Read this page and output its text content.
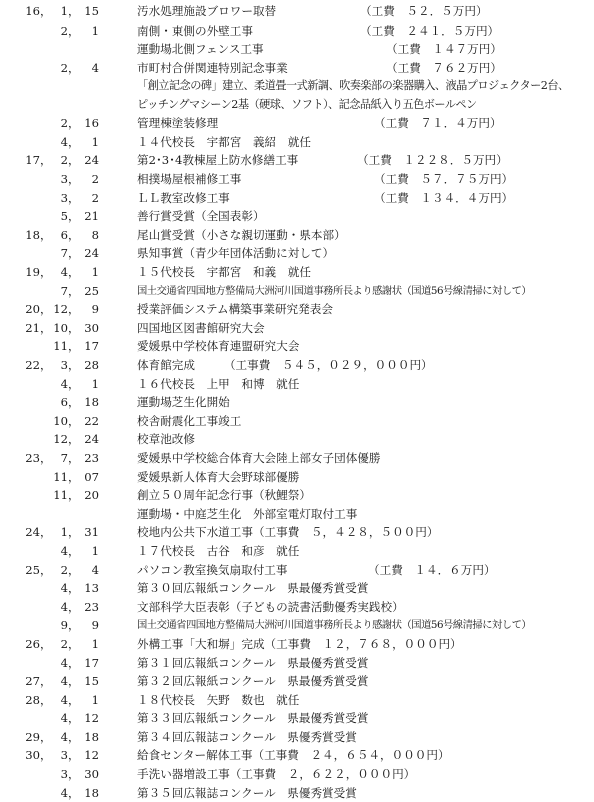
16 ， 1 ， 15	汚水処理施設ブロワー取替	（工費　５２．５万円）
2 ，	1	南側・東側の外壁工事	（工費　２４１．５万円）
運動場北側フェンス工事	（工費　１４７万円）
2 ，	4	市町村合併関連特別記念事業	（工費　７６２万円）
「創立記念の碑」建立、柔道畳一式新調、吹奏楽部の楽器購入、液晶プロジェクター2台、ピッチングマシーン2基（硬球、ソフト）、記念品紙入り五色ボールペン
2 ， 16	管理棟塗装修理	（工費　７１．４万円）
4 ，	1	１４代校長　宇都宮　義紹　就任
17 ， 2 ， 24	第2･3･4教棟屋上防水修繕工事	（工費　１２２８．５万円）
3 ，	2	相撲場屋根補修工事	（工費　５７．７５万円）
3 ，	2	ＬＬ教室改修工事	（工費　１３４．４万円）
5 ， 21	善行賞受賞（全国表彰）
18 ， 6 ，	8	尾山賞受賞（小さな親切運動・県本部）
7 ， 24	県知事賞（青少年団体活動に対して）
19 ， 4 ，	1	１５代校長　宇都宮　和義　就任
7 ， 25	国土交通省四国地方整備局大洲河川国道事務所長より感謝状（国道56号線清掃に対して）
20 ， 12 ，	9	授業評価システム構築事業研究発表会
21 ， 10 ， 30	四国地区図書館研究大会
11 ， 17	愛媛県中学校体育連盟研究大会
22 ， 3 ， 28	体育館完成　　　（工事費　５４５，０２９，０００円）
4 ，	1	１６代校長　上甲　和博　就任
6 ， 18	運動場芝生化開始
10 ， 22	校舎耐震化工事竣工
12 ， 24	校章池改修
23 ， 7 ， 23	愛媛県中学校総合体育大会陸上部女子団体優勝
11 ， 07	愛媛県新人体育大会野球部優勝
11 ， 20	創立５０周年記念行事（秋鯉祭）
運動場・中庭芝生化　外部室電灯取付工事
24 ， 1 ， 31	校地内公共下水道工事（工事費　５，４２８，５００円）
4 ，	1	１７代校長　古谷　和彦　就任
25 ， 2 ，	4	パソコン教室換気扇取付工事	（工費　１４．６万円）
4 ， 13	第３０回広報紙コンクール　県最優秀賞受賞
4 ， 23	文部科学大臣表彰（子どもの読書活動優秀実践校）
9 ，	9	国土交通省四国地方整備局大洲河川国道事務所長より感謝状（国道56号線清掃に対して）
26 ， 2 ，	1	外構工事「大和塀」完成（工事費　１２，７６８，０００円）
4 ， 17	第３１回広報紙コンクール　県最優秀賞受賞
27 ， 4 ， 15	第３２回広報紙コンクール　県最優秀賞受賞
28 ， 4 ，	1	１８代校長　矢野　数也　就任
4 ， 12	第３３回広報紙コンクール　県最優秀賞受賞
29 ， 4 ， 18	第３４回広報誌コンクール　県優秀賞受賞
30 ， 3 ， 12	給食センター解体工事（工事費　２４，６５４，０００円）
3 ， 30	手洗い器増設工事（工事費　２，６２２，０００円）
4 ， 18	第３５回広報誌コンクール　県優秀賞受賞
